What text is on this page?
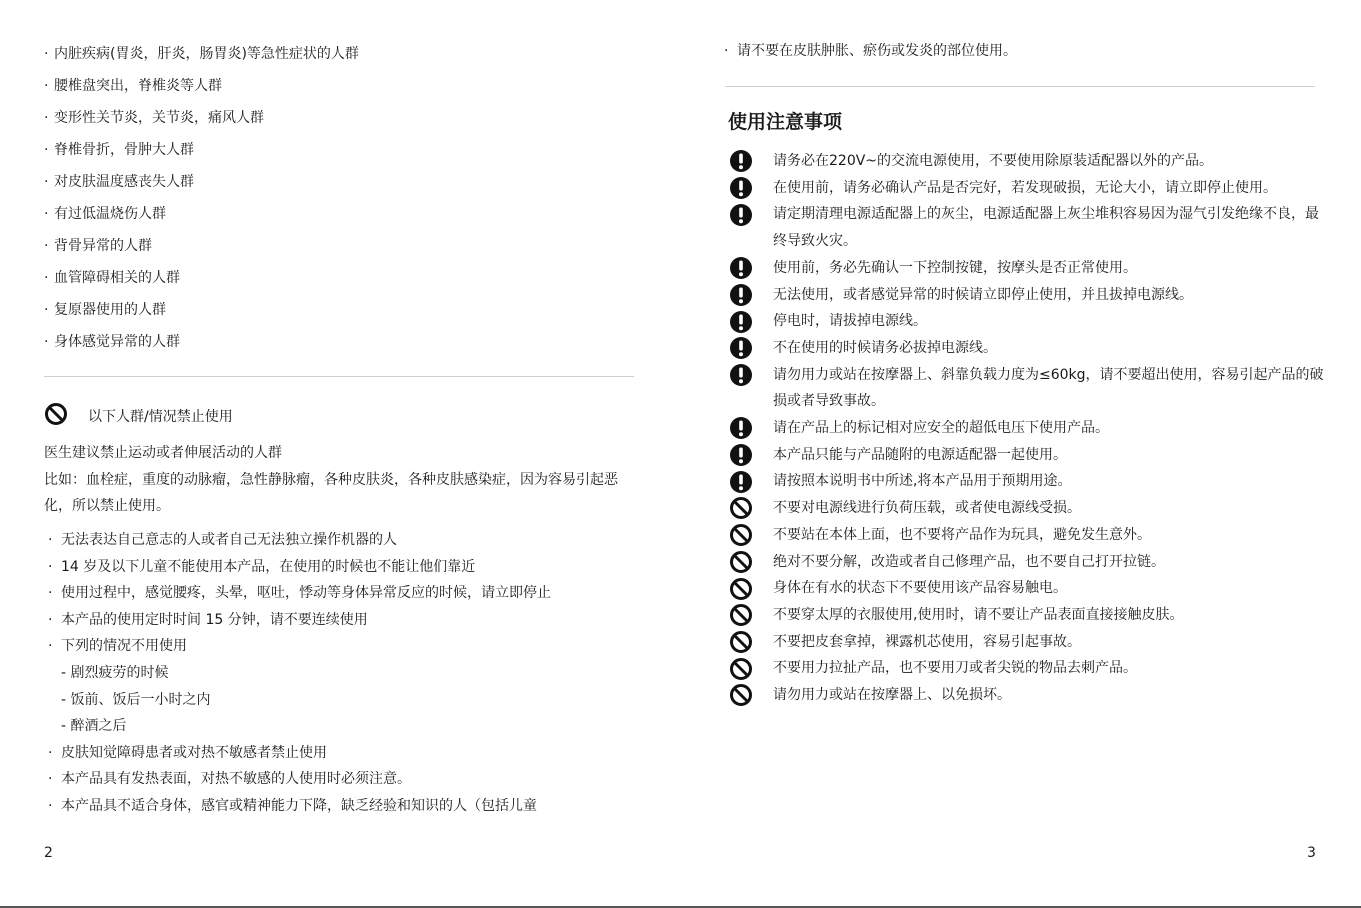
· 内脏疾病(胃炎，肝炎，肠胃炎)等急性症状的人群
· 腰椎盘突出，脊椎炎等人群
· 变形性关节炎，关节炎，痛风人群
· 脊椎骨折，骨肿大人群
· 对皮肤温度感丧失人群
· 有过低温烧伤人群
· 背骨异常的人群
· 血管障碍相关的人群
· 复原器使用的人群
· 身体感觉异常的人群
以下人群/情况禁止使用
医生建议禁止运动或者伸展活动的人群
比如：血栓症，重度的动脉瘤，急性静脉瘤，各种皮肤炎，各种皮肤感染症，因为容易引起恶化，所以禁止使用。
· 无法表达自己意志的人或者自己无法独立操作机器的人
· 14 岁及以下儿童不能使用本产品，在使用的时候也不能让他们靠近
· 使用过程中，感觉腰疼，头晕，呕吐，悸动等身体异常反应的时候，请立即停止
· 本产品的使用定时时间 15 分钟，请不要连续使用
· 下列的情况不用使用
- 剧烈疲劳的时候
- 饭前、饭后一小时之内
- 醉酒之后
· 皮肤知觉障碍患者或对热不敏感者禁止使用
· 本产品具有发热表面，对热不敏感的人使用时必须注意。
· 本产品具不适合身体，感官或精神能力下降，缺乏经验和知识的人（包括儿童
2
· 请不要在皮肤肿胀、瘀伤或发炎的部位使用。
使用注意事项
请务必在220V~的交流电源使用，不要使用除原装适配器以外的产品。
在使用前，请务必确认产品是否完好，若发现破损，无论大小，请立即停止使用。
请定期清理电源适配器上的灰尘，电源适配器上灰尘堆积容易因为湿气引发绝缘不良，最终导致火灾。
使用前，务必先确认一下控制按键，按摩头是否正常使用。
无法使用，或者感觉异常的时候请立即停止使用，并且拔掉电源线。
停电时，请拔掉电源线。
不在使用的时候请务必拔掉电源线。
请勿用力或站在按摩器上、斜靠负载力度为≤60kg，请不要超出使用，容易引起产品的破损或者导致事故。
请在产品上的标记相对应安全的超低电压下使用产品。
本产品只能与产品随附的电源适配器一起使用。
请按照本说明书中所述,将本产品用于预期用途。
不要对电源线进行负荷压载，或者使电源线受损。
不要站在本体上面，也不要将产品作为玩具，避免发生意外。
绝对不要分解，改造或者自己修理产品，也不要自己打开拉链。
身体在有水的状态下不要使用该产品容易触电。
不要穿太厚的衣服使用,使用时，请不要让产品表面直接接触皮肤。
不要把皮套拿掉，裸露机芯使用，容易引起事故。
不要用力拉扯产品，也不要用刀或者尖锐的物品去刺产品。
请勿用力或站在按摩器上、以免损坏。
3
